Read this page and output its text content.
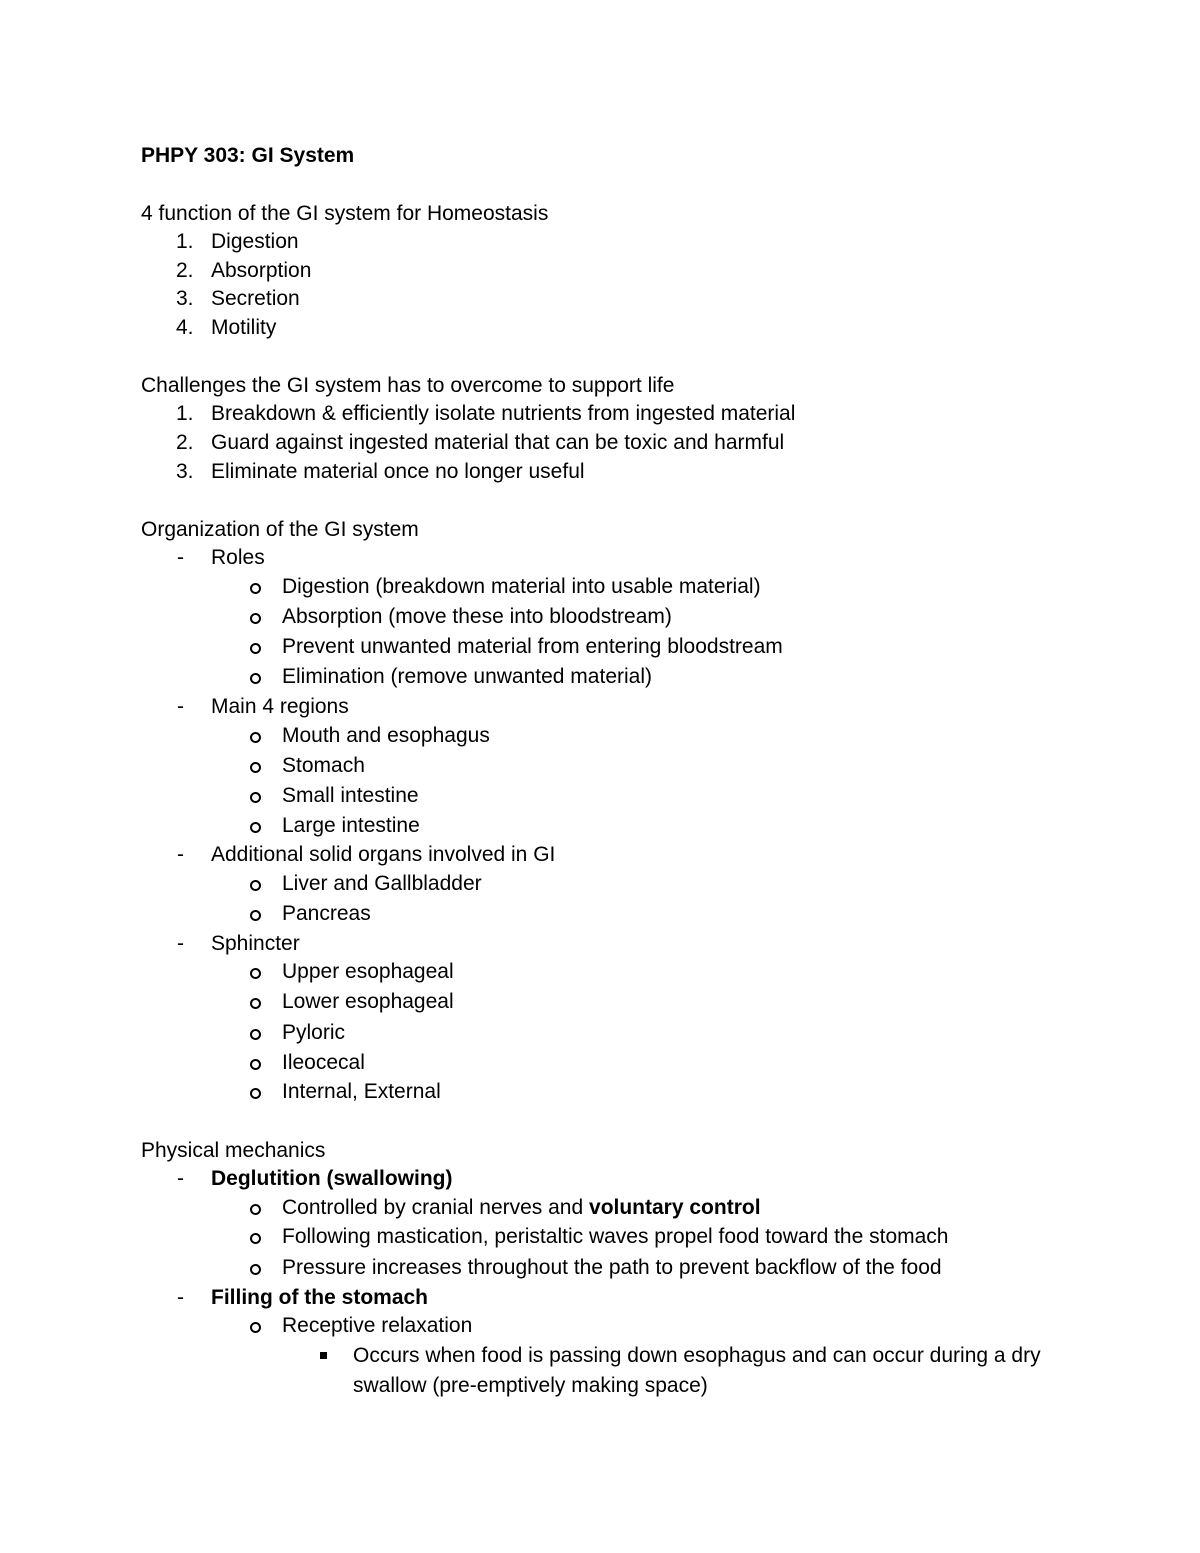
PHPY 303: GI System
4 function of the GI system for Homeostasis
1. Digestion
2. Absorption
3. Secretion
4. Motility
Challenges the GI system has to overcome to support life
1. Breakdown & efficiently isolate nutrients from ingested material
2. Guard against ingested material that can be toxic and harmful
3. Eliminate material once no longer useful
Organization of the GI system
- Roles
Digestion (breakdown material into usable material)
Absorption (move these into bloodstream)
Prevent unwanted material from entering bloodstream
Elimination (remove unwanted material)
- Main 4 regions
Mouth and esophagus
Stomach
Small intestine
Large intestine
- Additional solid organs involved in GI
Liver and Gallbladder
Pancreas
- Sphincter
Upper esophageal
Lower esophageal
Pyloric
Ileocecal
Internal, External
Physical mechanics
- Deglutition (swallowing)
Controlled by cranial nerves and voluntary control
Following mastication, peristaltic waves propel food toward the stomach
Pressure increases throughout the path to prevent backflow of the food
- Filling of the stomach
Receptive relaxation
Occurs when food is passing down esophagus and can occur during a dry
swallow (pre-emptively making space)
